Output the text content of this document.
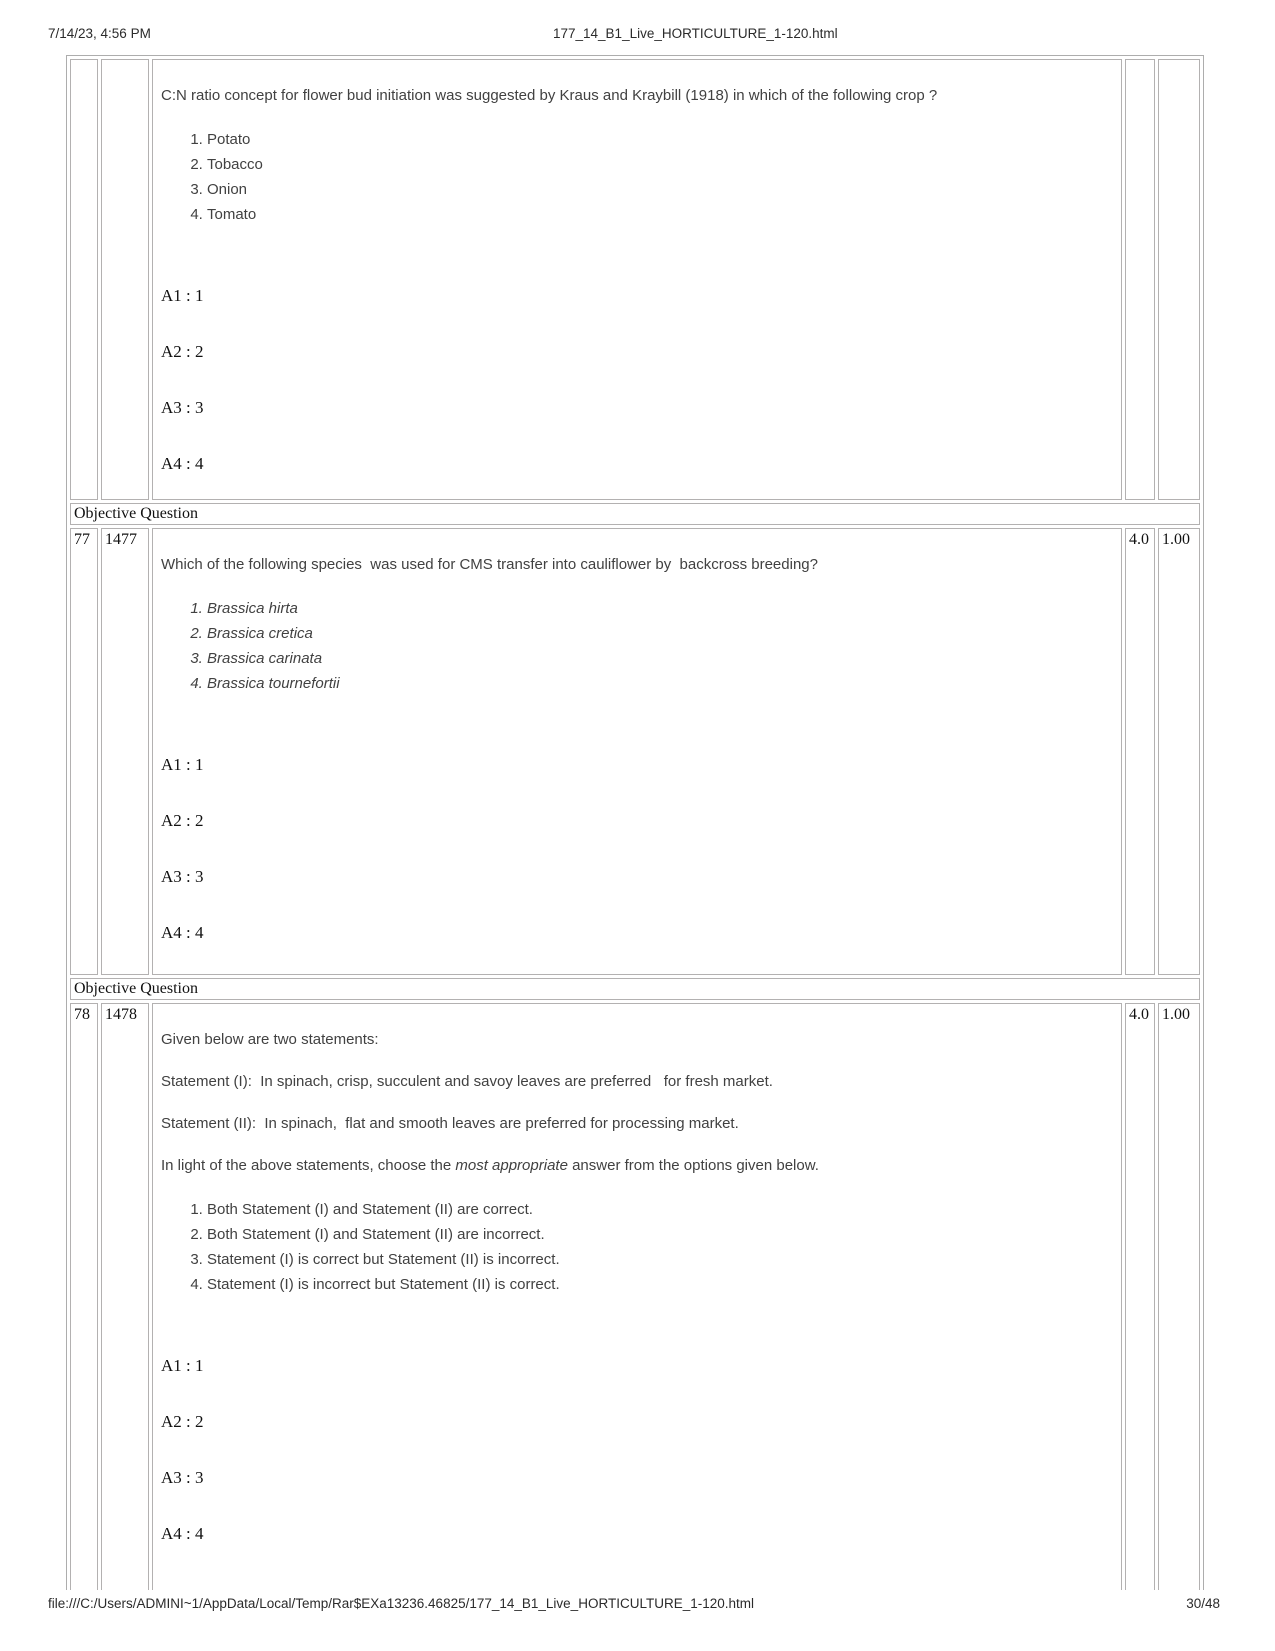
7/14/23, 4:56 PM	177_14_B1_Live_HORTICULTURE_1-120.html

C:N ratio concept for flower bud initiation was suggested by Kraus and Kraybill (1918) in which of the following crop ?

1. Potato
2. Tobacco
3. Onion
4. Tomato
A1 : 1
A2 : 2
A3 : 3
A4 : 4

Objective Question				
77	1477	

Which of the following species  was used for CMS transfer into cauliflower by  backcross breeding?

1. Brassica hirta
2. Brassica cretica
3. Brassica carinata
4. Brassica tournefortii
A1 : 1
A2 : 2
A3 : 3
A4 : 4
	4.0	1.00
Objective Question				
78	1478	

Given below are two statements:

Statement (I):  In spinach, crisp, succulent and savoy leaves are preferred   for fresh market.

Statement (II):  In spinach,  flat and smooth leaves are preferred for processing market.

In light of the above statements, choose the most appropriate answer from the options given below.

1. Both Statement (I) and Statement (II) are correct.
2. Both Statement (I) and Statement (II) are incorrect.
3. Statement (I) is correct but Statement (II) is incorrect.
4. Statement (I) is incorrect but Statement (II) is correct.
A1 : 1
A2 : 2
A3 : 3
A4 : 4
	4.0	1.00
file:///C:/Users/ADMINI~1/AppData/Local/Temp/Rar$EXa13236.46825/177_14_B1_Live_HORTICULTURE_1-120.html	30/48
